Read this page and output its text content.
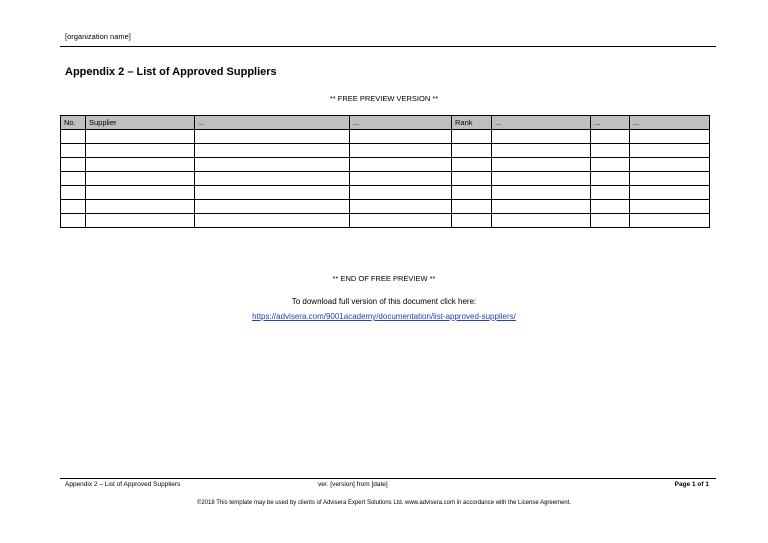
[organization name]
Appendix 2 – List of Approved Suppliers
** FREE PREVIEW VERSION **
No.	Supplier	...	...	Rank	...	...	...

** END OF FREE PREVIEW **
To download full version of this document click here:
https://advisera.com/9001academy/documentation/list-approved-suppliers/
Appendix 2 – List of Approved Suppliers	ver. [version] from [date]	Page 1 of 1
©2018 This template may be used by clients of Advisera Expert Solutions Ltd. www.advisera.com in accordance with the License Agreement.
